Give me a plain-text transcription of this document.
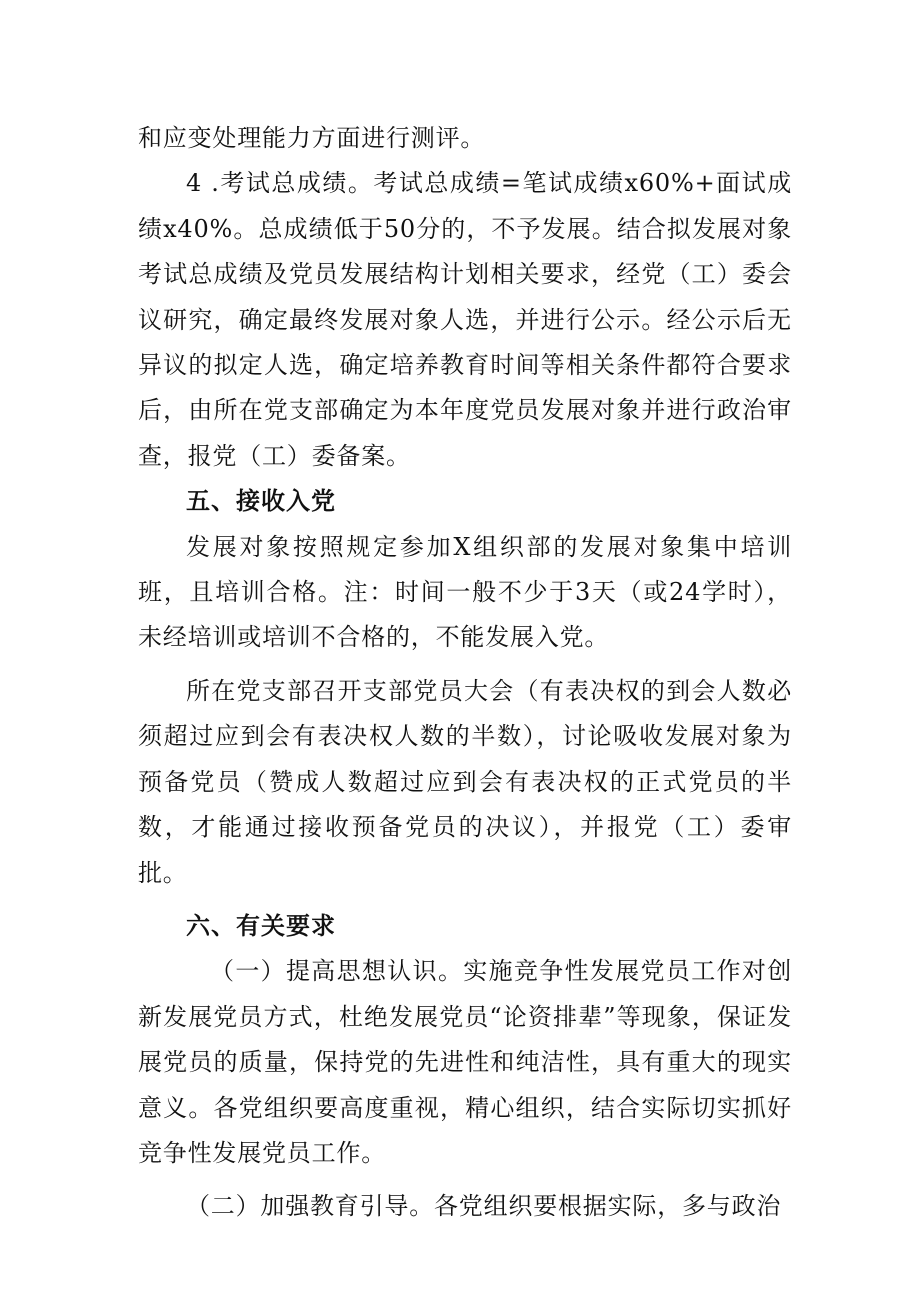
和应变处理能力方面进行测评。

4 .考试总成绩。考试总成绩=笔试成绩x60%+面试成绩x40%。总成绩低于50分的，不予发展。结合拟发展对象考试总成绩及党员发展结构计划相关要求，经党（工）委会议研究，确定最终发展对象人选，并进行公示。经公示后无异议的拟定人选，确定培养教育时间等相关条件都符合要求后，由所在党支部确定为本年度党员发展对象并进行政治审查，报党（工）委备案。

五、接收入党

发展对象按照规定参加X组织部的发展对象集中培训班，且培训合格。注：时间一般不少于3天（或24学时），未经培训或培训不合格的，不能发展入党。

所在党支部召开支部党员大会（有表决权的到会人数必须超过应到会有表决权人数的半数），讨论吸收发展对象为预备党员（赞成人数超过应到会有表决权的正式党员的半数，才能通过接收预备党员的决议），并报党（工）委审批。

六、有关要求

（一）提高思想认识。实施竞争性发展党员工作对创新发展党员方式，杜绝发展党员“论资排辈”等现象，保证发展党员的质量，保持党的先进性和纯洁性，具有重大的现实意义。各党组织要高度重视，精心组织，结合实际切实抓好竞争性发展党员工作。

（二）加强教育引导。各党组织要根据实际，多与政治
